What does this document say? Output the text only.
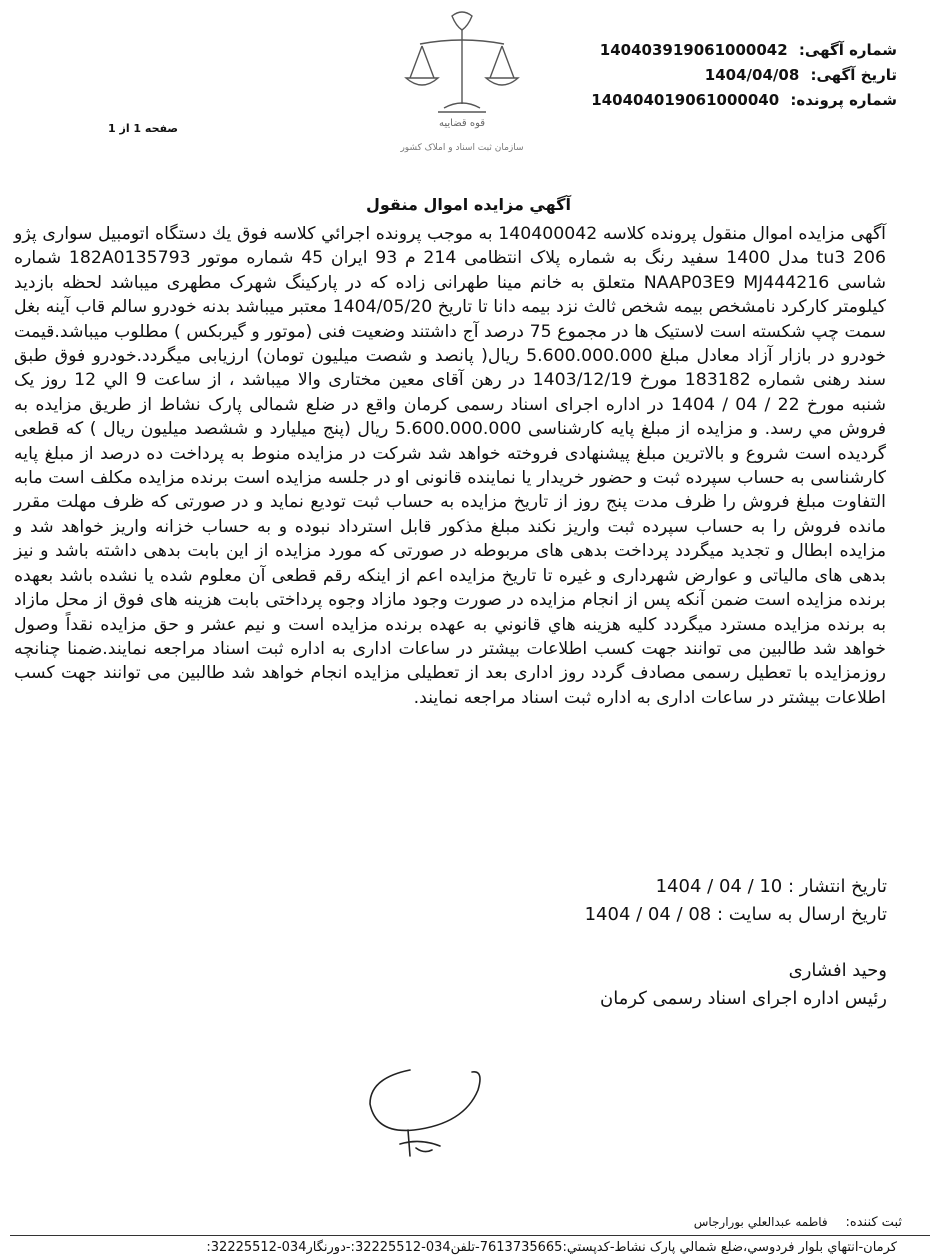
شماره آگهی: 140403919061000042
تاریخ آگهی: 1404/04/08
شماره پرونده: 140404019061000040
صفحه 1 از 1	قوه قضاییه
سازمان ثبت اسناد و املاک کشور
آگهي مزايده اموال منقول

آگهی مزایده اموال منقول پرونده کلاسه 140400042 به موجب پرونده اجرائي کلاسه فوق يك دستگاه اتومبيل سواری پژو 206 tu3 مدل 1400 سفید رنگ به شماره پلاک انتظامی 214 م 93 ایران 45 شماره موتور 182A0135793 شماره شاسی NAAP03E9 MJ444216 متعلق به خانم مینا طهرانی زاده که در پارکینگ شهرک مطهری میباشد لحظه بازدید کیلومتر کارکرد نامشخص بیمه شخص ثالث نزد بیمه دانا تا تاریخ 1404/05/20 معتبر میباشد بدنه خودرو سالم قاب آینه بغل سمت چپ شکسته است لاستیک ها در مجموع 75 درصد آج داشتند وضعیت فنی (موتور و گیربکس ) مطلوب میباشد.قیمت خودرو در بازار آزاد معادل مبلغ 5.600.000.000 ریال( پانصد و شصت میلیون تومان) ارزیابی میگردد.خودرو فوق طبق سند رهنی شماره 183182 مورخ 1403/12/19 در رهن آقای معین مختاری والا میباشد ، از ساعت 9 الي 12 روز یک شنبه مورخ 22 / 04 / 1404 در اداره اجرای اسناد رسمی کرمان واقع در ضلع شمالی پارک نشاط از طریق مزایده به فروش مي رسد. و مزایده از مبلغ پایه کارشناسی 5.600.000.000 ریال (پنج میلیارد و ششصد میلیون ریال ) که قطعی گردیده است شروع و بالاترین مبلغ پیشنهادی فروخته خواهد شد شرکت در مزایده منوط به پرداخت ده درصد از مبلغ پایه کارشناسی به حساب سپرده ثبت و حضور خریدار یا نماینده قانونی او در جلسه مزایده است برنده مزایده مکلف است مابه التفاوت مبلغ فروش را ظرف مدت پنج روز از تاریخ مزایده به حساب ثبت تودیع نماید و در صورتی که ظرف مهلت مقرر مانده فروش را به حساب سپرده ثبت واریز نکند مبلغ مذکور قابل استرداد نبوده و به حساب خزانه واریز خواهد شد و مزایده ابطال و تجدید میگردد پرداخت بدهی های مربوطه در صورتی که مورد مزایده از این بابت بدهی داشته باشد و نیز بدهی های مالیاتی و عوارض شهرداری و غیره تا تاریخ مزایده اعم از اینکه رقم قطعی آن معلوم شده یا نشده باشد بعهده برنده مزایده است ضمن آنکه پس از انجام مزایده در صورت وجود مازاد وجوه پرداختی بابت هزینه های فوق از محل مازاد به برنده مزایده مسترد میگردد کلیه هزینه هاي قانوني به عهده برنده مزایده است و نیم عشر و حق مزایده نقداً وصول خواهد شد طالبین می توانند جهت کسب اطلاعات بیشتر در ساعات اداری به اداره ثبت اسناد مراجعه نمایند.ضمنا چنانچه روزمزایده با تعطیل رسمی مصادف گردد روز اداری بعد از تعطیلی مزایده انجام خواهد شد طالبین می توانند جهت کسب اطلاعات بیشتر در ساعات اداری به اداره ثبت اسناد مراجعه نمایند.

تاریخ انتشار : 10 / 04 / 1404
تاریخ ارسال به سایت : 08 / 04 / 1404
وحید افشاری
رئیس اداره اجرای اسناد رسمی کرمان
ثبت کننده: فاطمه عبدالعلي بورارجاس
کرمان-انتهاي بلوار فردوسي،ضلع شمالي پارک نشاط-کدپستي:7613735665-تلفن034-32225512:-دورنگار034-32225512:
